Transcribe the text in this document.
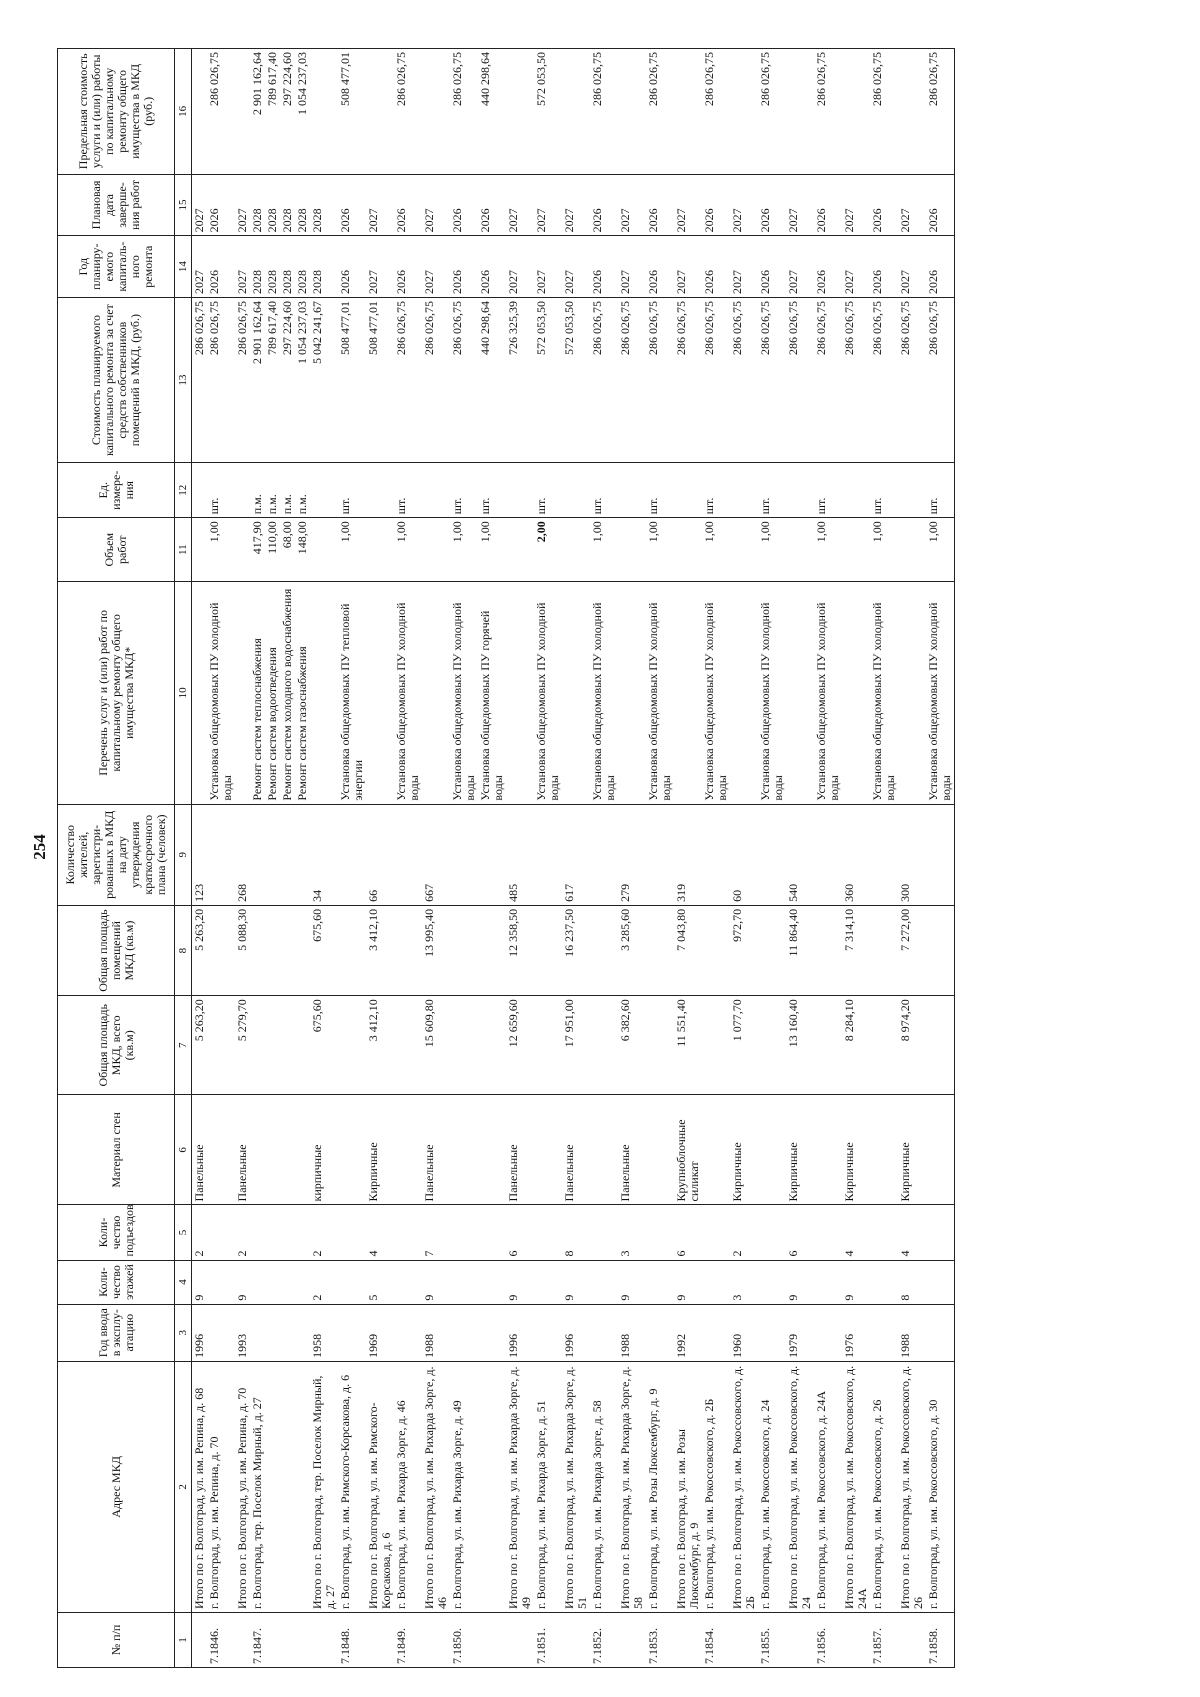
254
№ п/п	Адрес МКД	Год ввода в эксплу-атацию	Коли-чество этажей	Коли-чество подъездов	Материал стен	Общая площадь МКД, всего (кв.м)	Общая площадь помещений МКД (кв.м)	Количество жителей, зарегистри-рованных в МКД на дату утверждения краткосрочного плана (человек)	Перечень услуг и (или) работ по капитальному ремонту общего имущества МКД*	Объем работ	Ед. измере-ния	Стоимость планируемого капитального ремонта за счет средств собственников помещений в МКД, (руб.)	Год планиру-емого капиталь-ного ремонта	Плановая дата заверше-ния работ	Предельная стоимость услуги и (или) работы по капитальному ремонту общего имущества в МКД (руб.)
1	2	3	4	5	6	7	8	9	10	11	12	13	14	15	16
	Итого по г. Волгоград, ул. им. Репина, д. 68	1996	9	2	Панельные	5 263,20	5 263,20	123				286 026,75	2027	2027	
7.1846.	г. Волгоград, ул. им. Репина, д. 70								Установка общедомовых ПУ холодной воды	1,00	шт.	286 026,75	2026	2026	286 026,75
	Итого по г. Волгоград, ул. им. Репина, д. 70	1993	9	2	Панельные	5 279,70	5 088,30	268				286 026,75	2027	2027	
7.1847.	г. Волгоград, тер. Поселок Мирный, д. 27								Ремонт систем теплоснабжения	417,90	п.м.	2 901 162,64	2028	2028	2 901 162,64
									Ремонт систем водоотведения	110,00	п.м.	789 617,40	2028	2028	789 617,40
									Ремонт систем холодного водоснабжения	68,00	п.м.	297 224,60	2028	2028	297 224,60
									Ремонт систем газоснабжения	148,00	п.м.	1 054 237,03	2028	2028	1 054 237,03
	Итого по г. Волгоград, тер. Поселок Мирный, д. 27	1958	2	2	кирпичные	675,60	675,60	34				5 042 241,67	2028	2028	
7.1848.	г. Волгоград, ул. им. Римского-Корсакова, д. 6								Установка общедомовых ПУ тепловой энергии	1,00	шт.	508 477,01	2026	2026	508 477,01
	Итого по г. Волгоград, ул. им. Римского-Корсакова, д. 6	1969	5	4	Кирпичные	3 412,10	3 412,10	66				508 477,01	2027	2027	
7.1849.	г. Волгоград, ул. им. Рихарда Зорге, д. 46								Установка общедомовых ПУ холодной воды	1,00	шт.	286 026,75	2026	2026	286 026,75
	Итого по г. Волгоград, ул. им. Рихарда Зорге, д. 46	1988	9	7	Панельные	15 609,80	13 995,40	667				286 026,75	2027	2027	
7.1850.	г. Волгоград, ул. им. Рихарда Зорге, д. 49								Установка общедомовых ПУ холодной воды	1,00	шт.	286 026,75	2026	2026	286 026,75
									Установка общедомовых ПУ горячей воды	1,00	шт.	440 298,64	2026	2026	440 298,64
	Итого по г. Волгоград, ул. им. Рихарда Зорге, д. 49	1996	9	6	Панельные	12 659,60	12 358,50	485				726 325,39	2027	2027	
7.1851.	г. Волгоград, ул. им. Рихарда Зорге, д. 51								Установка общедомовых ПУ холодной воды	2,00	шт.	572 053,50	2027	2027	572 053,50
	Итого по г. Волгоград, ул. им. Рихарда Зорге, д. 51	1996	9	8	Панельные	17 951,00	16 237,50	617				572 053,50	2027	2027	
7.1852.	г. Волгоград, ул. им. Рихарда Зорге, д. 58								Установка общедомовых ПУ холодной воды	1,00	шт.	286 026,75	2026	2026	286 026,75
	Итого по г. Волгоград, ул. им. Рихарда Зорге, д. 58	1988	9	3	Панельные	6 382,60	3 285,60	279				286 026,75	2027	2027	
7.1853.	г. Волгоград, ул. им. Розы Люксембург, д. 9								Установка общедомовых ПУ холодной воды	1,00	шт.	286 026,75	2026	2026	286 026,75
	Итого по г. Волгоград, ул. им. Розы Люксембург, д. 9	1992	9	6	Крупноблочные силикат	11 551,40	7 043,80	319				286 026,75	2027	2027	
7.1854.	г. Волгоград, ул. им. Рокоссовского, д. 2Б								Установка общедомовых ПУ холодной воды	1,00	шт.	286 026,75	2026	2026	286 026,75
	Итого по г. Волгоград, ул. им. Рокоссовского, д. 2Б	1960	3	2	Кирпичные	1 077,70	972,70	60				286 026,75	2027	2027	
7.1855.	г. Волгоград, ул. им. Рокоссовского, д. 24								Установка общедомовых ПУ холодной воды	1,00	шт.	286 026,75	2026	2026	286 026,75
	Итого по г. Волгоград, ул. им. Рокоссовского, д. 24	1979	9	6	Кирпичные	13 160,40	11 864,40	540				286 026,75	2027	2027	
7.1856.	г. Волгоград, ул. им. Рокоссовского, д. 24А								Установка общедомовых ПУ холодной воды	1,00	шт.	286 026,75	2026	2026	286 026,75
	Итого по г. Волгоград, ул. им. Рокоссовского, д. 24А	1976	9	4	Кирпичные	8 284,10	7 314,10	360				286 026,75	2027	2027	
7.1857.	г. Волгоград, ул. им. Рокоссовского, д. 26								Установка общедомовых ПУ холодной воды	1,00	шт.	286 026,75	2026	2026	286 026,75
	Итого по г. Волгоград, ул. им. Рокоссовского, д. 26	1988	8	4	Кирпичные	8 974,20	7 272,00	300				286 026,75	2027	2027	
7.1858.	г. Волгоград, ул. им. Рокоссовского, д. 30								Установка общедомовых ПУ холодной воды	1,00	шт.	286 026,75	2026	2026	286 026,75
